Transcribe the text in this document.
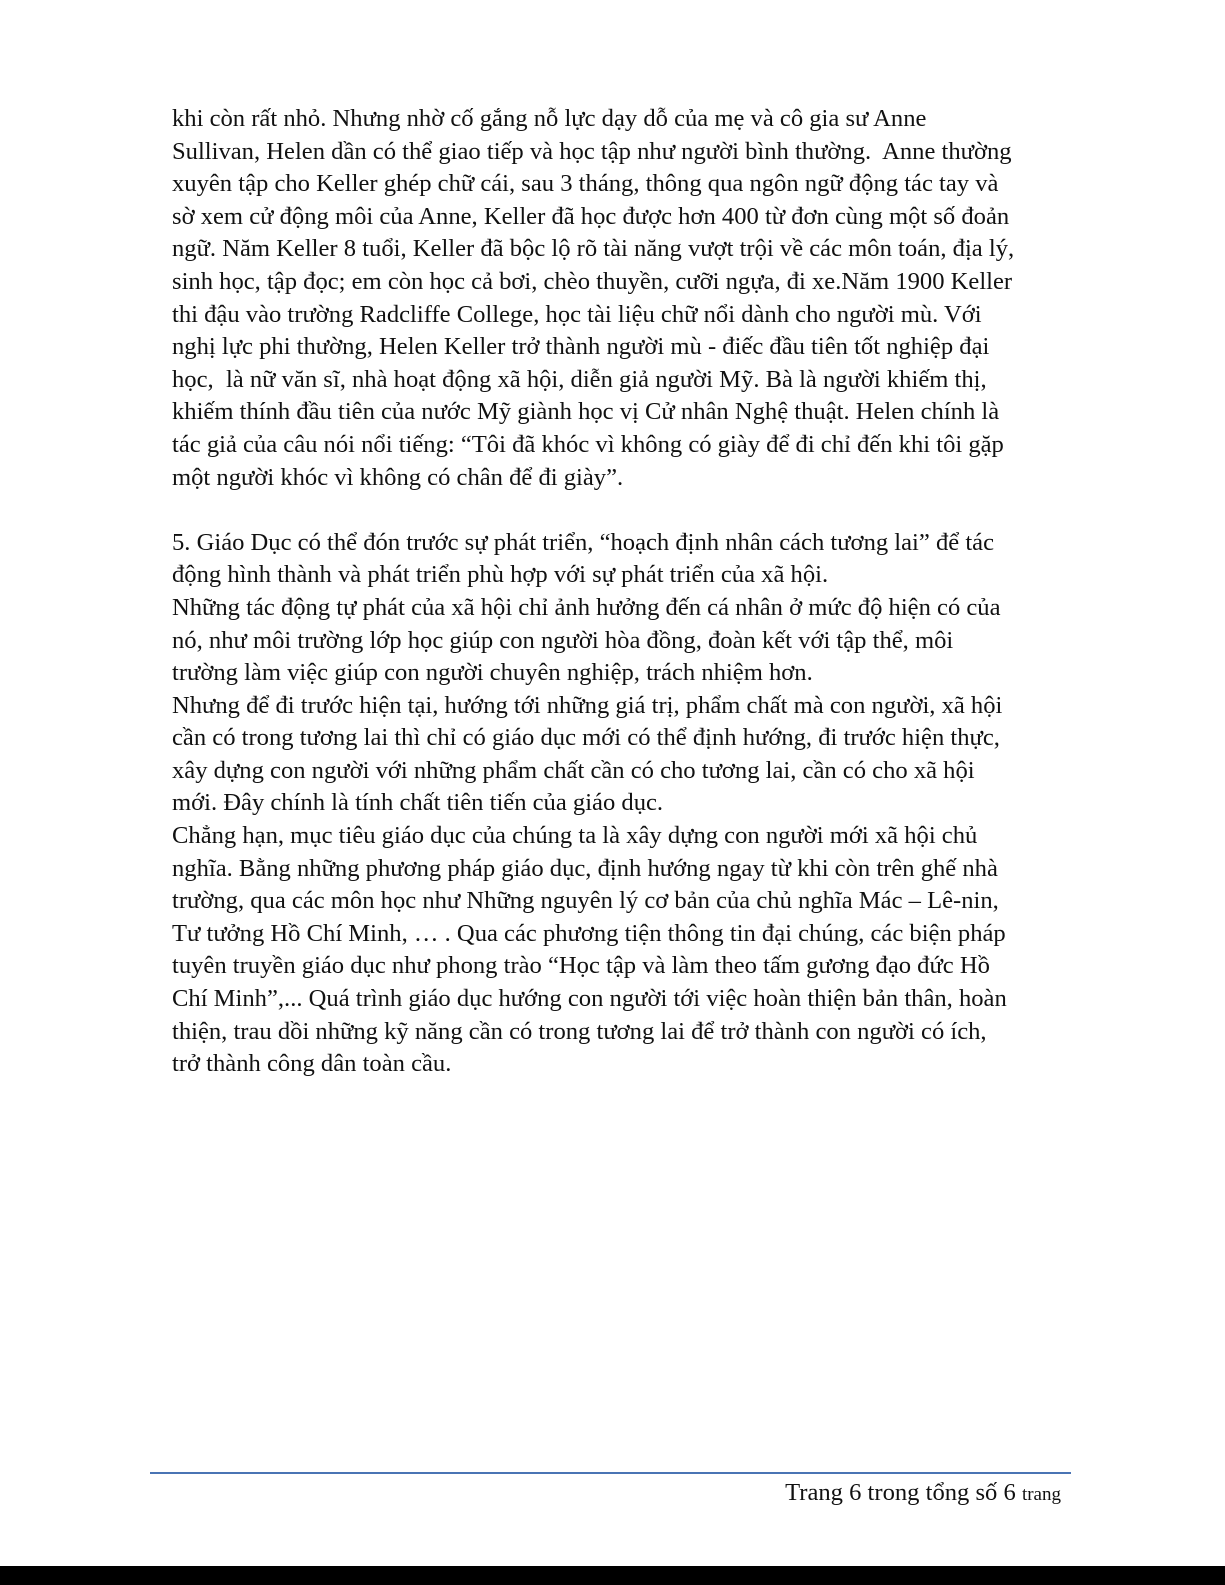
khi còn rất nhỏ. Nhưng nhờ cố gắng nỗ lực dạy dỗ của mẹ và cô gia sư Anne
Sullivan, Helen dần có thể giao tiếp và học tập như người bình thường.  Anne thường
xuyên tập cho Keller ghép chữ cái, sau 3 tháng, thông qua ngôn ngữ động tác tay và
sờ xem cử động môi của Anne, Keller đã học được hơn 400 từ đơn cùng một số đoản
ngữ. Năm Keller 8 tuổi, Keller đã bộc lộ rõ tài năng vượt trội về các môn toán, địa lý,
sinh học, tập đọc; em còn học cả bơi, chèo thuyền, cưỡi ngựa, đi xe.Năm 1900 Keller
thi đậu vào trường Radcliffe College, học tài liệu chữ nổi dành cho người mù. Với
nghị lực phi thường, Helen Keller trở thành người mù - điếc đầu tiên tốt nghiệp đại
học,  là nữ văn sĩ, nhà hoạt động xã hội, diễn giả người Mỹ. Bà là người khiếm thị,
khiếm thính đầu tiên của nước Mỹ giành học vị Cử nhân Nghệ thuật. Helen chính là
tác giả của câu nói nổi tiếng: “Tôi đã khóc vì không có giày để đi chỉ đến khi tôi gặp
một người khóc vì không có chân để đi giày”.
5. Giáo Dục có thể đón trước sự phát triển, “hoạch định nhân cách tương lai” để tác
động hình thành và phát triển phù hợp với sự phát triển của xã hội.
Những tác động tự phát của xã hội chỉ ảnh hưởng đến cá nhân ở mức độ hiện có của
nó, như môi trường lớp học giúp con người hòa đồng, đoàn kết với tập thể, môi
trường làm việc giúp con người chuyên nghiệp, trách nhiệm hơn.
Nhưng để đi trước hiện tại, hướng tới những giá trị, phẩm chất mà con người, xã hội
cần có trong tương lai thì chỉ có giáo dục mới có thể định hướng, đi trước hiện thực,
xây dựng con người với những phẩm chất cần có cho tương lai, cần có cho xã hội
mới. Đây chính là tính chất tiên tiến của giáo dục.
Chẳng hạn, mục tiêu giáo dục của chúng ta là xây dựng con người mới xã hội chủ
nghĩa. Bằng những phương pháp giáo dục, định hướng ngay từ khi còn trên ghế nhà
trường, qua các môn học như Những nguyên lý cơ bản của chủ nghĩa Mác – Lê-nin,
Tư tưởng Hồ Chí Minh, … . Qua các phương tiện thông tin đại chúng, các biện pháp
tuyên truyền giáo dục như phong trào “Học tập và làm theo tấm gương đạo đức Hồ
Chí Minh”,... Quá trình giáo dục hướng con người tới việc hoàn thiện bản thân, hoàn
thiện, trau dồi những kỹ năng cần có trong tương lai để trở thành con người có ích,
trở thành công dân toàn cầu.
Trang 6 trong tổng số 6 trang
